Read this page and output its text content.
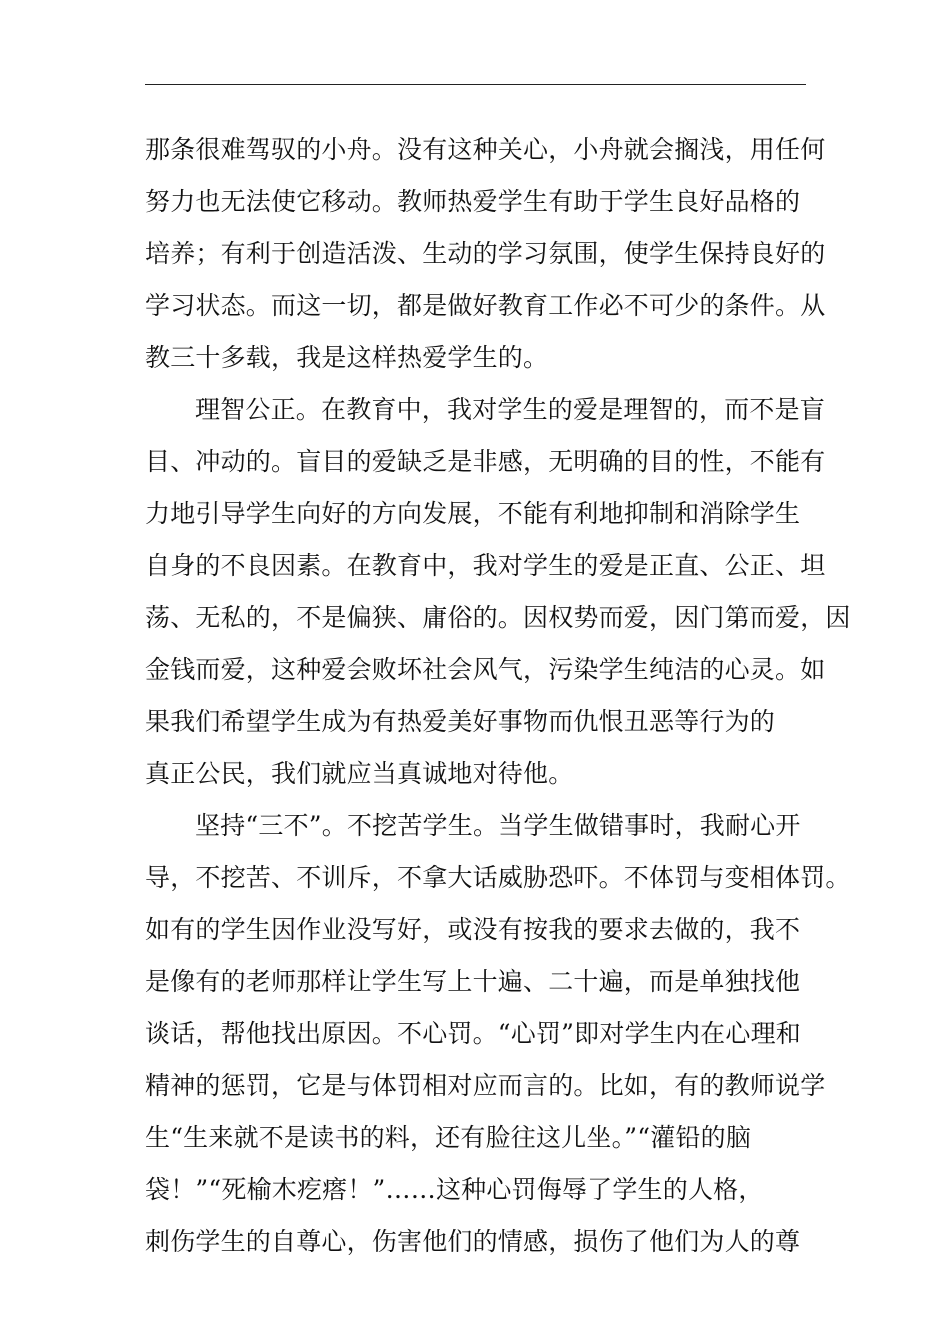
那条很难驾驭的小舟。没有这种关心，小舟就会搁浅，用任何
努力也无法使它移动。教师热爱学生有助于学生良好品格的
培养；有利于创造活泼、生动的学习氛围，使学生保持良好的
学习状态。而这一切，都是做好教育工作必不可少的条件。从
教三十多载，我是这样热爱学生的。
理智公正。在教育中，我对学生的爱是理智的，而不是盲
目、冲动的。盲目的爱缺乏是非感，无明确的目的性，不能有
力地引导学生向好的方向发展，不能有利地抑制和消除学生
自身的不良因素。在教育中，我对学生的爱是正直、公正、坦
荡、无私的，不是偏狭、庸俗的。因权势而爱，因门第而爱，因
金钱而爱，这种爱会败坏社会风气，污染学生纯洁的心灵。如
果我们希望学生成为有热爱美好事物而仇恨丑恶等行为的
真正公民，我们就应当真诚地对待他。
坚持“三不”。不挖苦学生。当学生做错事时，我耐心开
导，不挖苦、不训斥，不拿大话威胁恐吓。不体罚与变相体罚。
如有的学生因作业没写好，或没有按我的要求去做的，我不
是像有的老师那样让学生写上十遍、二十遍，而是单独找他
谈话，帮他找出原因。不心罚。“心罚”即对学生内在心理和
精神的惩罚，它是与体罚相对应而言的。比如，有的教师说学
生“生来就不是读书的料，还有脸往这儿坐。”“灌铅的脑
袋！”“死榆木疙瘩！”……这种心罚侮辱了学生的人格，
刺伤学生的自尊心，伤害他们的情感，损伤了他们为人的尊
